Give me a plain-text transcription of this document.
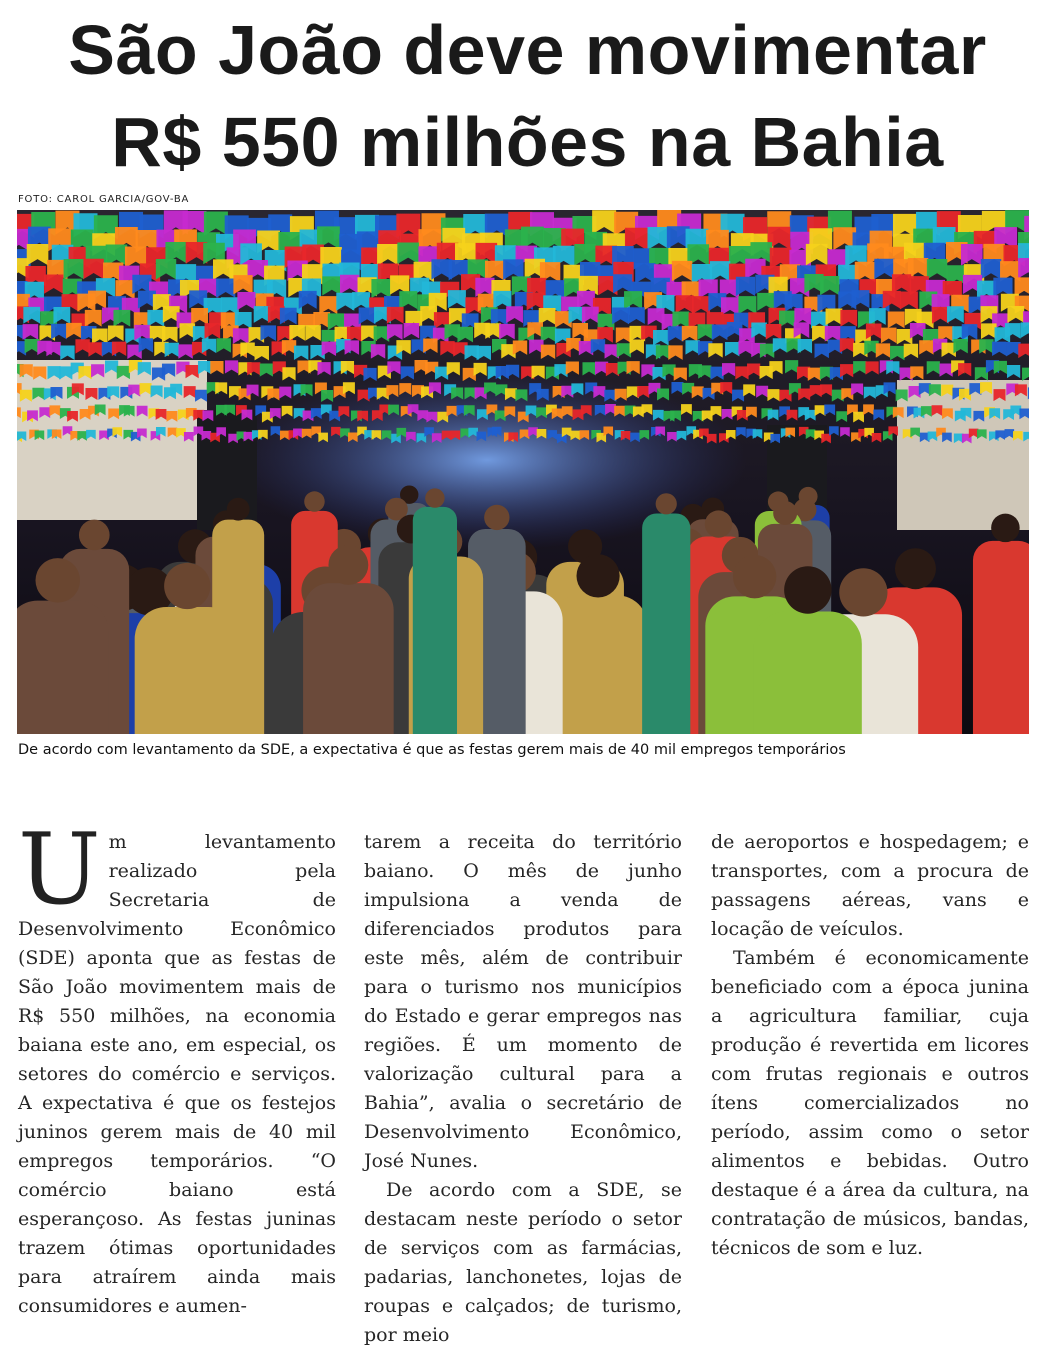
São João deve movimentar
R$ 550 milhões na Bahia
FOTO: CAROL GARCIA/GOV-BA
De acordo com levantamento da SDE, a expectativa é que as festas gerem mais de 40 mil empregos temporários

Um levantamento realizado pela Secretaria de Desenvolvimento Econômico (SDE) aponta que as festas de São João movimentem mais de R$ 550 milhões, na economia baiana este ano, em especial, os setores do comércio e serviços. A expectativa é que os festejos juninos gerem mais de 40 mil empregos temporários. “O comércio baiano está esperançoso. As festas juninas trazem ótimas oportunidades para atraírem ainda mais consumidores e aumen-

tarem a receita do território baiano. O mês de junho impulsiona a venda de diferenciados produtos para este mês, além de contribuir para o turismo nos municípios do Estado e gerar empregos nas regiões. É um momento de valorização cultural para a Bahia”, avalia o secretário de Desenvolvimento Econômico, José Nunes.

De acordo com a SDE, se destacam neste período o setor de serviços com as farmácias, padarias, lanchonetes, lojas de roupas e calçados; de turismo, por meio

de aeroportos e hospedagem; e transportes, com a procura de passagens aéreas, vans e locação de veículos.

Também é economicamente beneficiado com a época junina a agricultura familiar, cuja produção é revertida em licores com frutas regionais e outros ítens comercializados no período, assim como o setor alimentos e bebidas. Outro destaque é a área da cultura, na contratação de músicos, bandas, técnicos de som e luz.
